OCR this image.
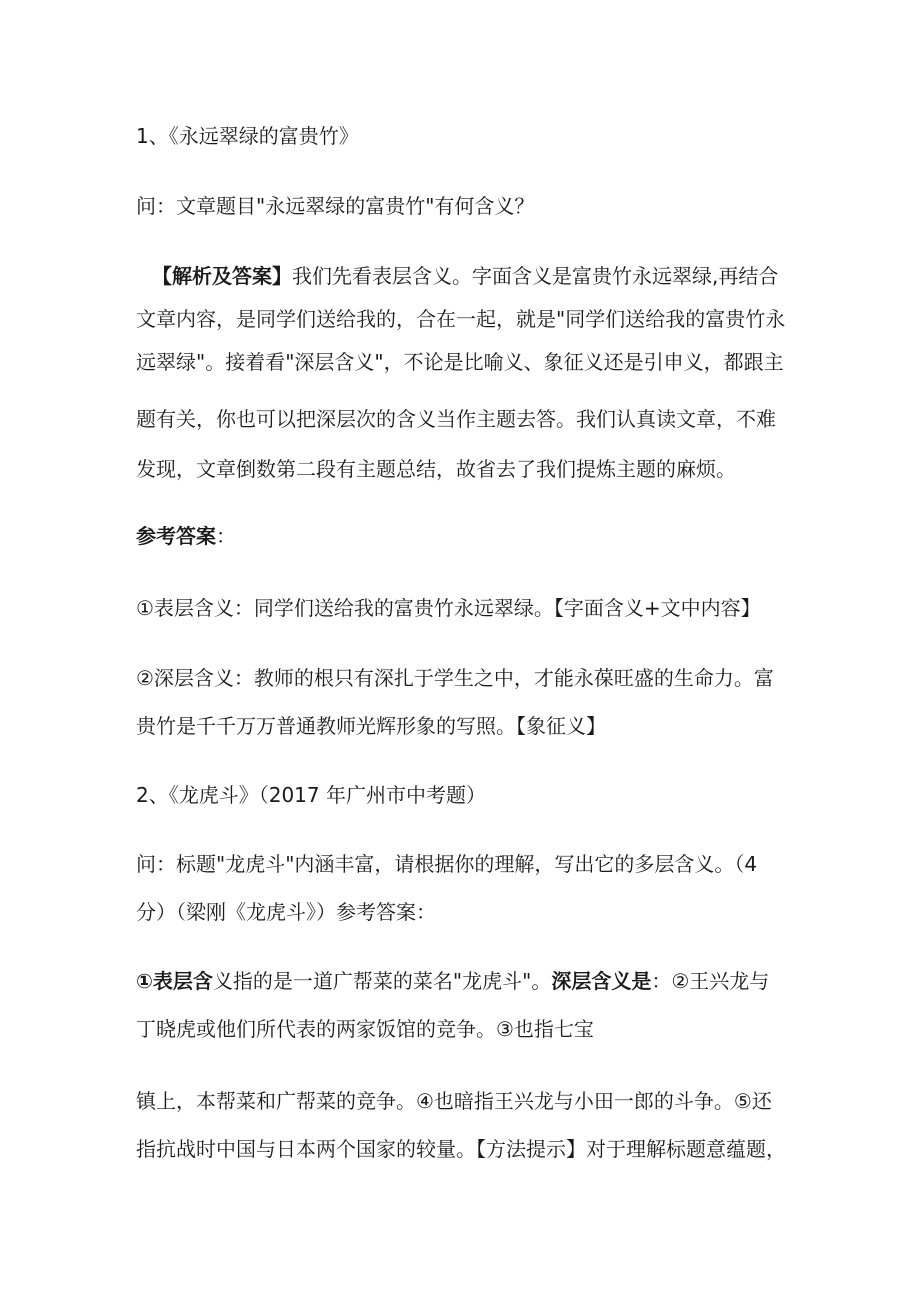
1、《永远翠绿的富贵竹》
问：文章题目"永远翠绿的富贵竹"有何含义？
【解析及答案】我们先看表层含义。字面含义是富贵竹永远翠绿,再结合
文章内容，是同学们送给我的，合在一起，就是"同学们送给我的富贵竹永
远翠绿"。接着看"深层含义"，不论是比喻义、象征义还是引申义，都跟主
题有关，你也可以把深层次的含义当作主题去答。我们认真读文章，不难
发现，文章倒数第二段有主题总结，故省去了我们提炼主题的麻烦。
参考答案：
①表层含义：同学们送给我的富贵竹永远翠绿。【字面含义+文中内容】
②深层含义：教师的根只有深扎于学生之中，才能永葆旺盛的生命力。富
贵竹是千千万万普通教师光辉形象的写照。【象征义】
2、《龙虎斗》（2017 年广州市中考题）
问：标题"龙虎斗"内涵丰富，请根据你的理解，写出它的多层含义。（4
分）（梁刚《龙虎斗》）参考答案：
①表层含义指的是一道广帮菜的菜名"龙虎斗"。深层含义是：②王兴龙与
丁晓虎或他们所代表的两家饭馆的竞争。③也指七宝
镇上，本帮菜和广帮菜的竞争。④也暗指王兴龙与小田一郎的斗争。⑤还
指抗战时中国与日本两个国家的较量。【方法提示】对于理解标题意蕴题，
